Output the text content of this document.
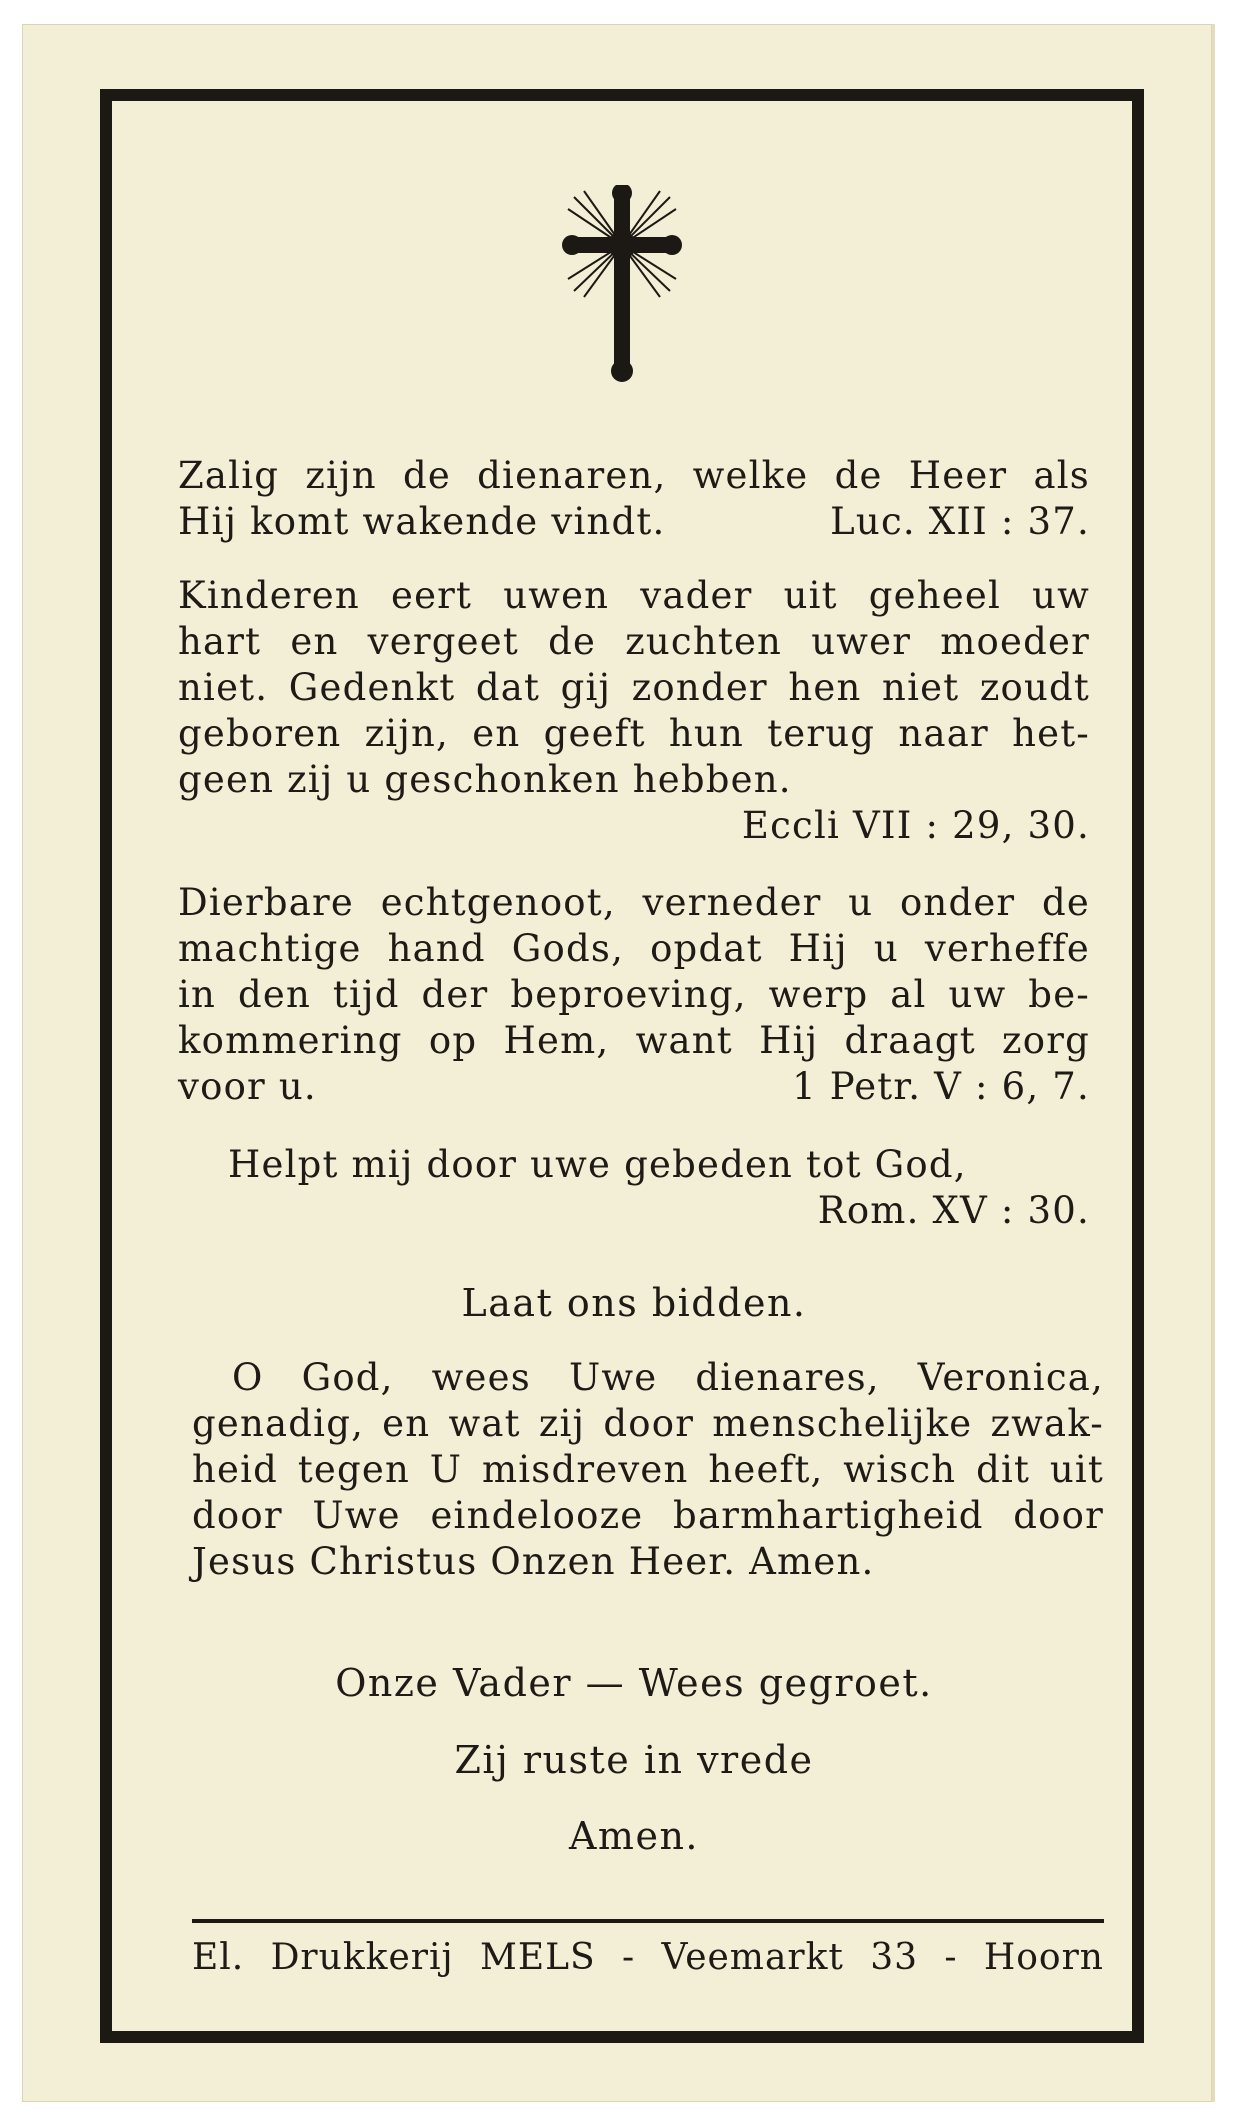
Zalig zijn de dienaren, welke de Heer als
Hij komt wakende vindt.	Luc. XII : 37.
Kinderen eert uwen vader uit geheel uw
hart en vergeet de zuchten uwer moeder
niet. Gedenkt dat gij zonder hen niet zoudt
geboren zijn, en geeft hun terug naar het-
geen zij u geschonken hebben.
Eccli VII : 29, 30.
Dierbare echtgenoot, verneder u onder de
machtige hand Gods, opdat Hij u verheffe
in den tijd der beproeving, werp al uw be-
kommering op Hem, want Hij draagt zorg
voor u.	1 Petr. V : 6, 7.
Helpt mij door uwe gebeden tot God,
Rom. XV : 30.
Laat ons bidden.
O God, wees Uwe dienares, Veronica,
genadig, en wat zij door menschelijke zwak-
heid tegen U misdreven heeft, wisch dit uit
door Uwe eindelooze barmhartigheid door
Jesus Christus Onzen Heer. Amen.
Onze Vader — Wees gegroet.
Zij ruste in vrede
Amen.
El. Drukkerij MELS - Veemarkt 33 - Hoorn
